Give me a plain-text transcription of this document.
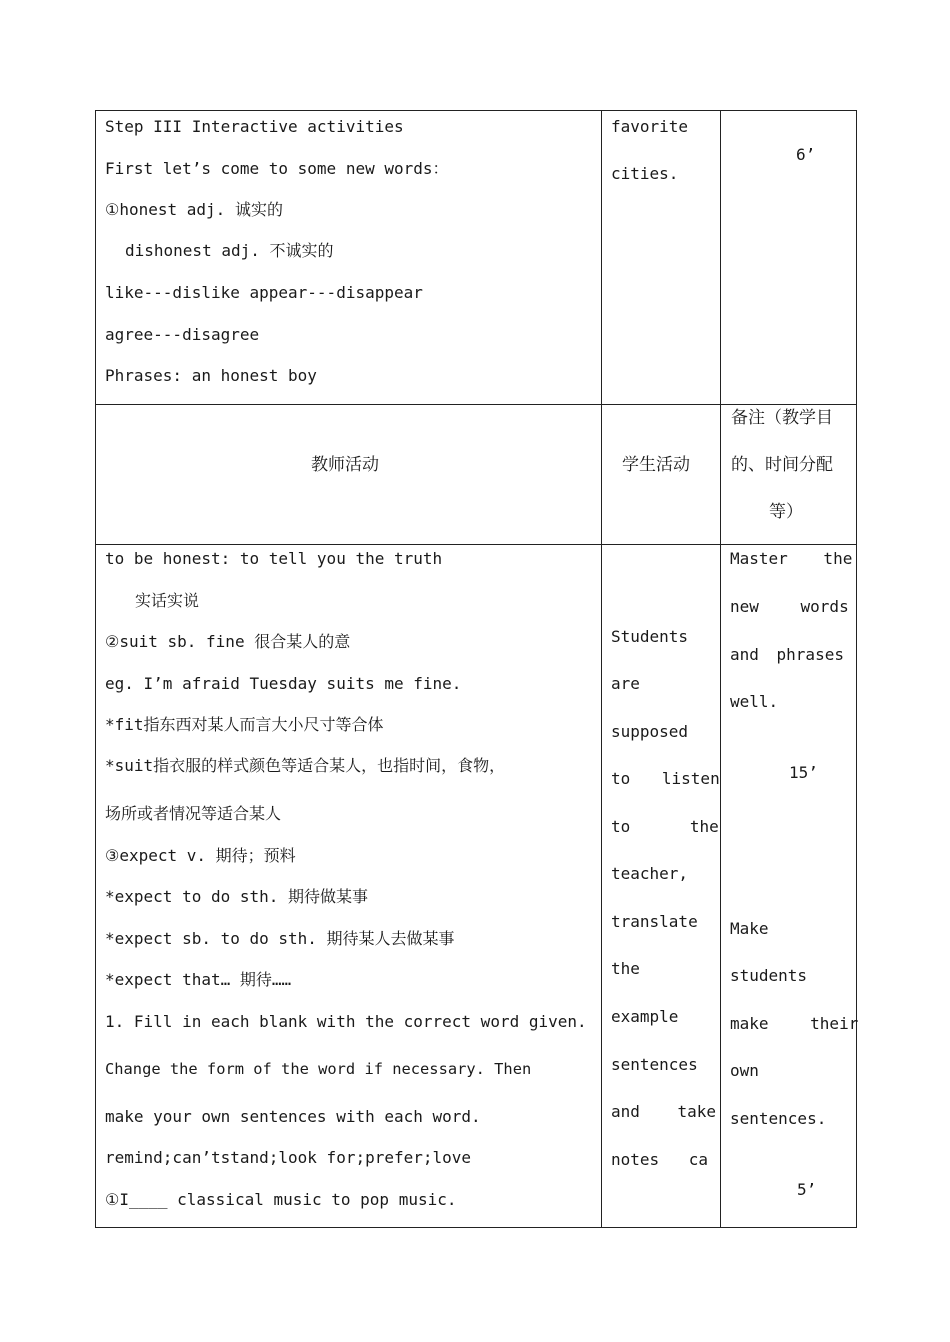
Step III Interactive activities
First let’s come to some new words：
①honest adj. 诚实的
dishonest adj. 不诚实的
like---dislike appear---disappear
agree---disagree
Phrases: an honest boy
favorite
cities.
6’
教师活动	学生活动
备注（教学目
的、时间分配
等）
to be honest: to tell you the truth
实话实说
②suit sb. fine 很合某人的意
eg. I’m afraid Tuesday suits me fine.
*fit指东西对某人而言大小尺寸等合体
*suit指衣服的样式颜色等适合某人，也指时间，食物，
场所或者情况等适合某人
③expect v. 期待；预料
*expect to do sth. 期待做某事
*expect sb. to do sth. 期待某人去做某事
*expect that… 期待……
1. Fill in each blank with the correct word given.
Change the form of the word if necessary. Then
make your own sentences with each word.
remind;can’tstand;look for;prefer;love
①I____ classical music to pop music.
Students
are
supposed
to listen
to the
teacher,
translate
the
example
sentences
and take
notes ca
Master the
new words
and phrases
well.
15’
Make
students
make their
own
sentences.
5’
